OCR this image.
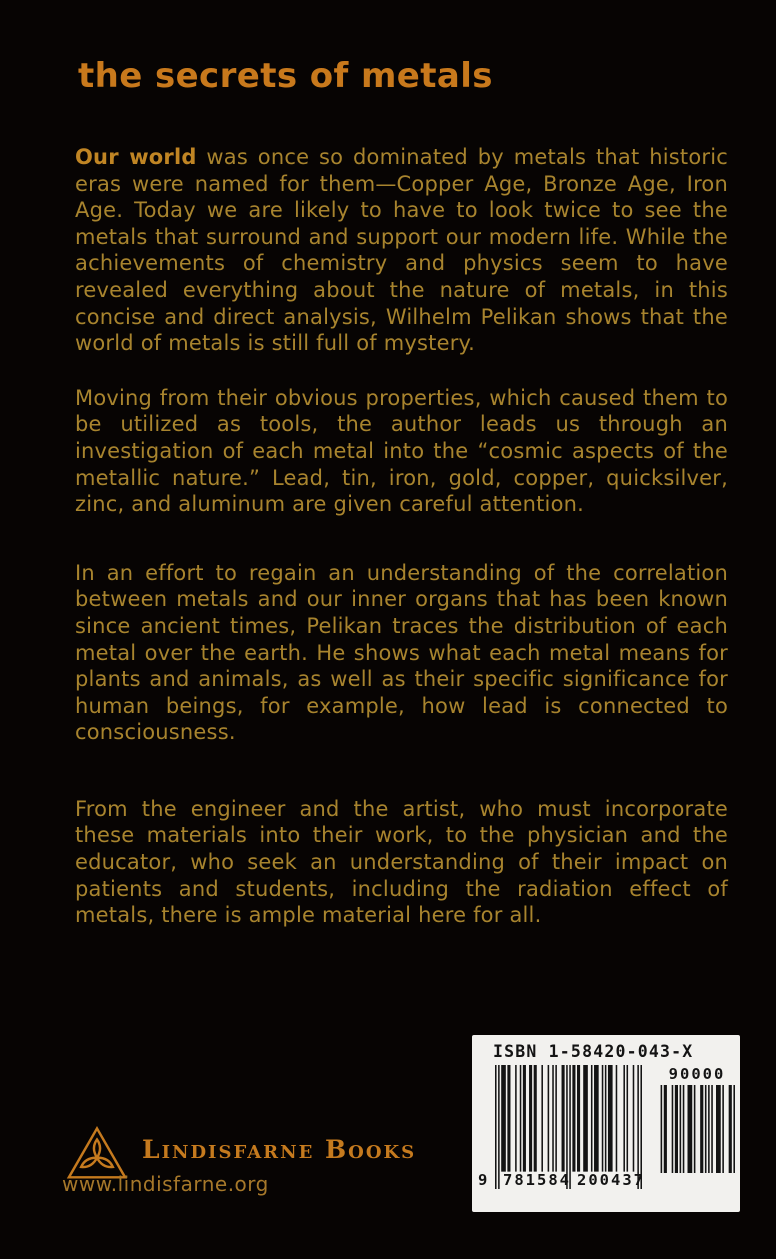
the secrets of metals

Our world was once so dominated by metals that historic eras were named for them—Copper Age, Bronze Age, Iron Age. Today we are likely to have to look twice to see the metals that surround and support our modern life. While the achievements of chemistry and physics seem to have revealed everything about the nature of metals, in this concise and direct analysis, Wilhelm Pelikan shows that the world of metals is still full of mystery.

Moving from their obvious properties, which caused them to be utilized as tools, the author leads us through an investigation of each metal into the “cosmic aspects of the metallic nature.” Lead, tin, iron, gold, copper, quicksilver, zinc, and aluminum are given careful attention.

In an effort to regain an understanding of the correlation between metals and our inner organs that has been known since ancient times, Pelikan traces the distribution of each metal over the earth. He shows what each metal means for plants and animals, as well as their specific significance for human beings, for example, how lead is connected to consciousness.

From the engineer and the artist, who must incorporate these materials into their work, to the physician and the educator, who seek an understanding of their impact on patients and students, including the radiation effect of metals, there is ample material here for all.

ISBN 1-58420-043-X
90000
9 781584 200437
Lindisfarne Books
www.lindisfarne.org
